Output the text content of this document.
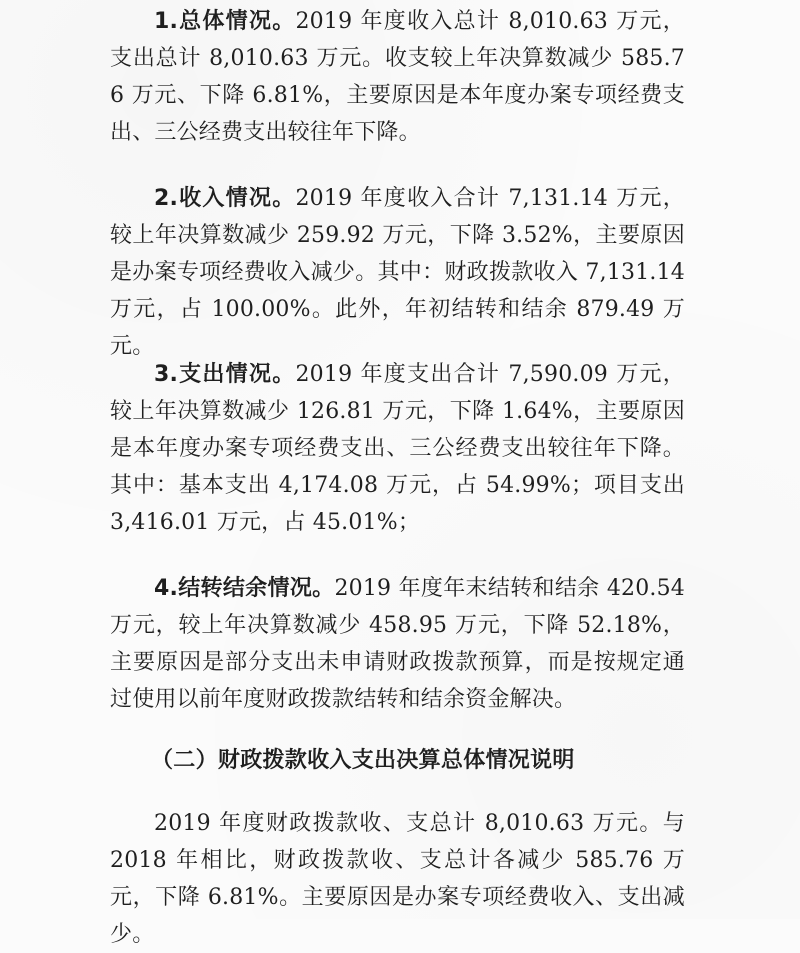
1.总体情况。2019 年度收入总计 8,010.63 万元，支出总计 8,010.63 万元。收支较上年决算数减少 585.76 万元、下降 6.81%，主要原因是本年度办案专项经费支出、三公经费支出较往年下降。

2.收入情况。2019 年度收入合计 7,131.14 万元，较上年决算数减少 259.92 万元，下降 3.52%，主要原因是办案专项经费收入减少。其中：财政拨款收入 7,131.14 万元，占 100.00%。此外，年初结转和结余 879.49 万元。

3.支出情况。2019 年度支出合计 7,590.09 万元，较上年决算数减少 126.81 万元，下降 1.64%，主要原因是本年度办案专项经费支出、三公经费支出较往年下降。其中：基本支出 4,174.08 万元，占 54.99%；项目支出 3,416.01 万元，占 45.01%；

4.结转结余情况。2019 年度年末结转和结余 420.54 万元，较上年决算数减少 458.95 万元，下降 52.18%，主要原因是部分支出未申请财政拨款预算，而是按规定通过使用以前年度财政拨款结转和结余资金解决。

（二）财政拨款收入支出决算总体情况说明

2019 年度财政拨款收、支总计 8,010.63 万元。与 2018 年相比，财政拨款收、支总计各减少 585.76 万元，下降 6.81%。主要原因是办案专项经费收入、支出减少。
